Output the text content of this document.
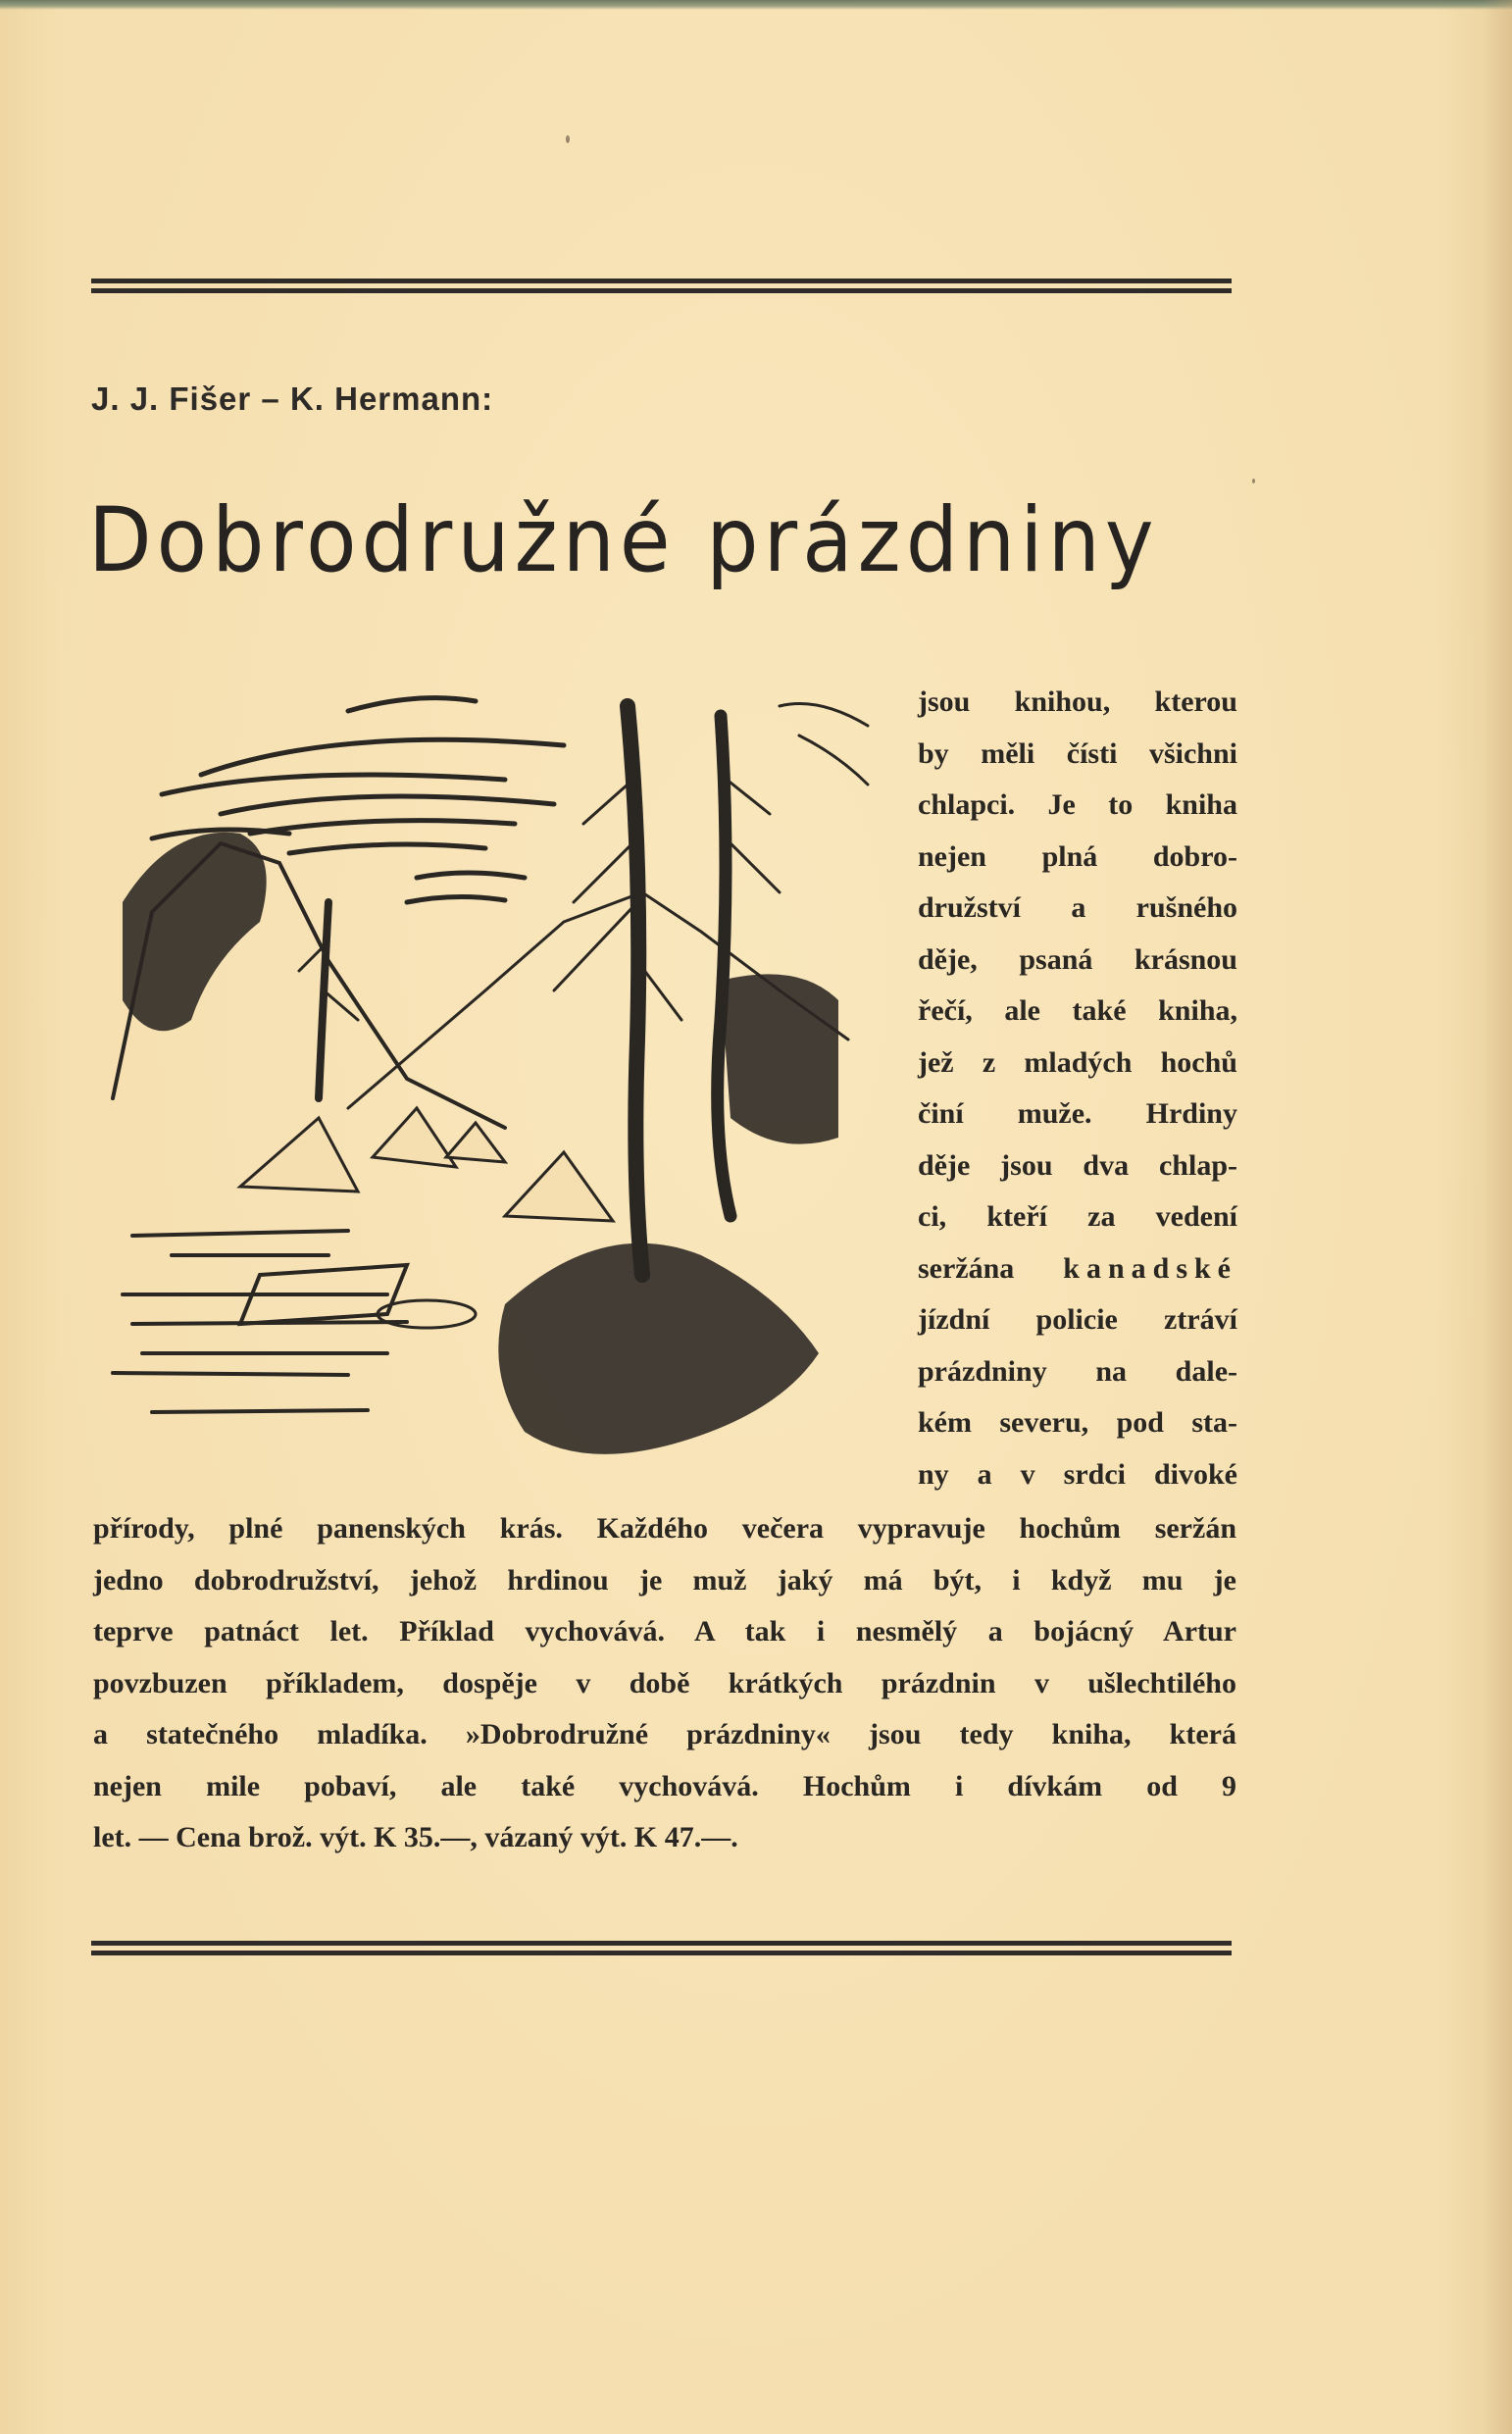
J. J. Fišer – K. Hermann:
Dobrodružné prázdniny
jsou knihou, kterou
by měli čísti všichni
chlapci. Je to kniha
nejen plná dobro-
družství a rušného
děje, psaná krásnou
řečí, ale také kniha,
jež z mladých hochů
činí muže. Hrdiny
děje jsou dva chlap-
ci, kteří za vedení
seržána kanadské
jízdní policie ztráví
prázdniny na dale-
kém severu, pod sta-
ny a v srdci divoké
přírody, plné panenských krás. Každého večera vypravuje hochům seržán
jedno dobrodružství, jehož hrdinou je muž jaký má být, i když mu je
teprve patnáct let. Příklad vychovává. A tak i nesmělý a bojácný Artur
povzbuzen příkladem, dospěje v době krátkých prázdnin v ušlechtilého
a statečného mladíka. »Dobrodružné prázdniny« jsou tedy kniha, která
nejen mile pobaví, ale také vychovává. Hochům i dívkám od 9
let. — Cena brož. výt. K 35.—, vázaný výt. K 47.—.
